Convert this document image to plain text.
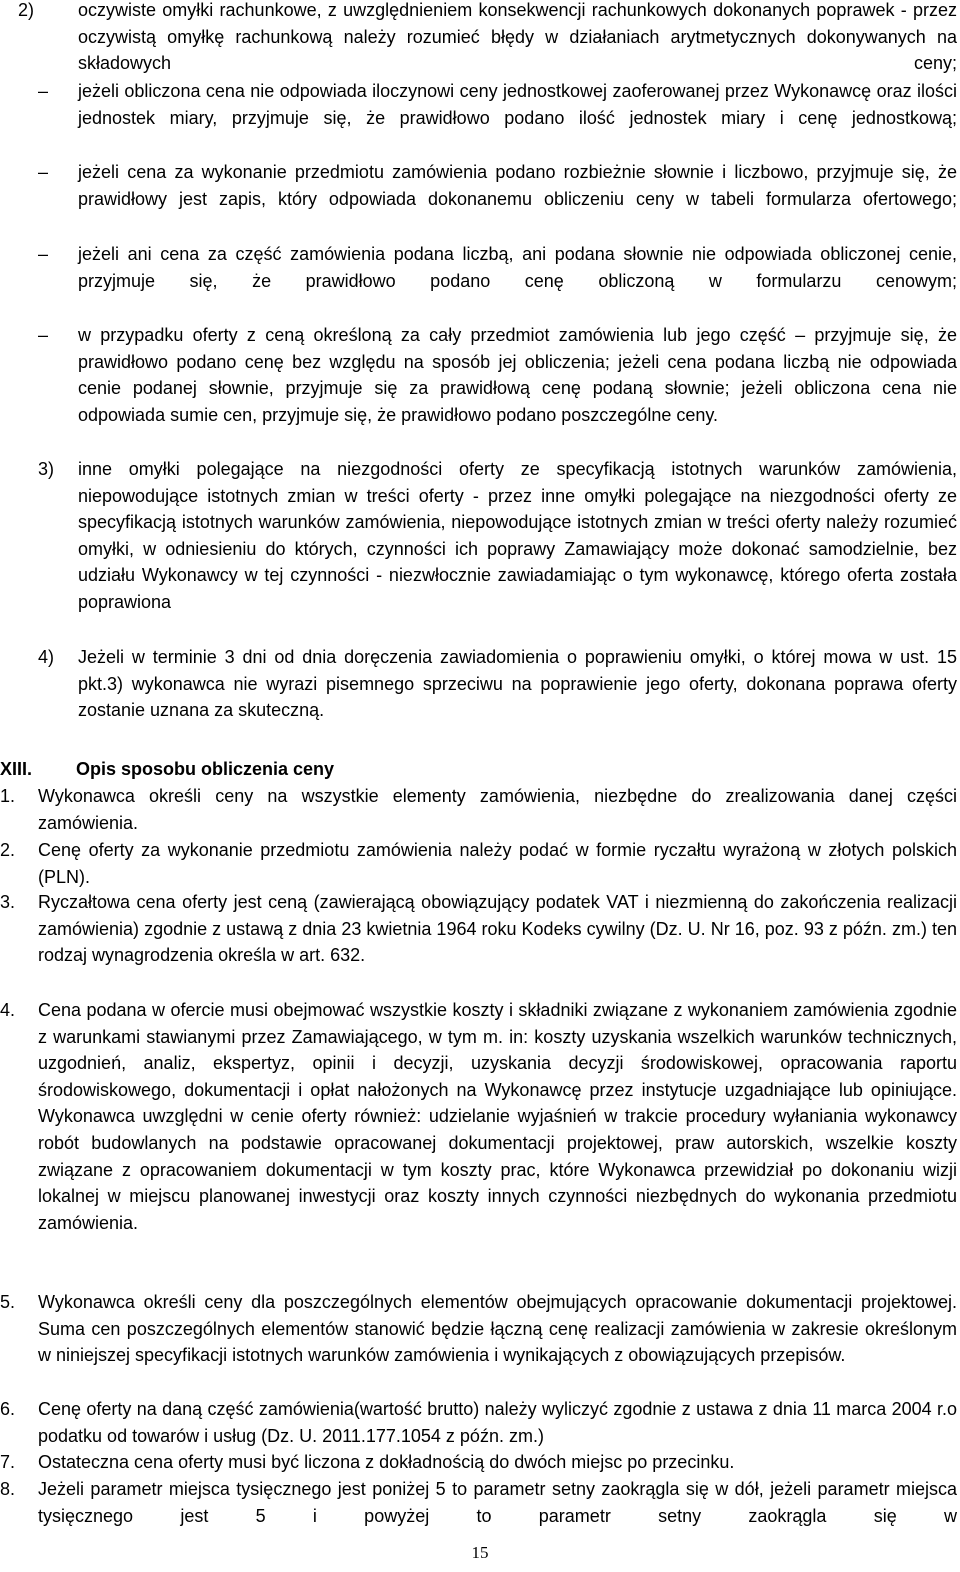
2) oczywiste omyłki rachunkowe, z uwzględnieniem konsekwencji rachunkowych dokonanych poprawek - przez oczywistą omyłkę rachunkową należy rozumieć błędy w działaniach arytmetycznych dokonywanych na składowych ceny;
– jeżeli obliczona cena nie odpowiada iloczynowi ceny jednostkowej zaoferowanej przez Wykonawcę oraz ilości jednostek miary, przyjmuje się, że prawidłowo podano ilość jednostek miary i cenę jednostkową;
– jeżeli cena za wykonanie przedmiotu zamówienia podano rozbieżnie słownie i liczbowo, przyjmuje się, że prawidłowy jest zapis, który odpowiada dokonanemu obliczeniu ceny w tabeli formularza ofertowego;
– jeżeli ani cena za część zamówienia podana liczbą, ani podana słownie nie odpowiada obliczonej cenie, przyjmuje się, że prawidłowo podano cenę obliczoną w formularzu cenowym;
– w przypadku oferty z ceną określoną za cały przedmiot zamówienia lub jego część – przyjmuje się, że prawidłowo podano cenę bez względu na sposób jej obliczenia; jeżeli cena podana liczbą nie odpowiada cenie podanej słownie, przyjmuje się za prawidłową cenę podaną słownie; jeżeli obliczona cena nie odpowiada sumie cen, przyjmuje się, że prawidłowo podano poszczególne ceny.
3) inne omyłki polegające na niezgodności oferty ze specyfikacją istotnych warunków zamówienia, niepowodujące istotnych zmian w treści oferty - przez inne omyłki polegające na niezgodności oferty ze specyfikacją istotnych warunków zamówienia, niepowodujące istotnych zmian w treści oferty należy rozumieć omyłki, w odniesieniu do których, czynności ich poprawy Zamawiający może dokonać samodzielnie, bez udziału Wykonawcy w tej czynności - niezwłocznie zawiadamiając o tym wykonawcę, którego oferta została poprawiona
4) Jeżeli w terminie 3 dni od dnia doręczenia zawiadomienia o poprawieniu omyłki, o której mowa w ust. 15 pkt.3) wykonawca nie wyrazi pisemnego sprzeciwu na poprawienie jego oferty, dokonana poprawa oferty zostanie uznana za skuteczną.
XIII. Opis sposobu obliczenia ceny
1. Wykonawca określi ceny na wszystkie elementy zamówienia, niezbędne do zrealizowania danej części zamówienia.
2. Cenę oferty za wykonanie przedmiotu zamówienia należy podać w formie ryczałtu wyrażoną w złotych polskich (PLN).
3. Ryczałtowa cena oferty jest ceną (zawierającą obowiązujący podatek VAT i niezmienną do zakończenia realizacji zamówienia) zgodnie z ustawą z dnia 23 kwietnia 1964 roku Kodeks cywilny (Dz. U. Nr 16, poz. 93 z późn. zm.) ten rodzaj wynagrodzenia określa w art. 632.
4. Cena podana w ofercie musi obejmować wszystkie koszty i składniki związane z wykonaniem zamówienia zgodnie z warunkami stawianymi przez Zamawiającego, w tym m. in: koszty uzyskania wszelkich warunków technicznych, uzgodnień, analiz, ekspertyz, opinii i decyzji, uzyskania decyzji środowiskowej, opracowania raportu środowiskowego, dokumentacji i opłat nałożonych na Wykonawcę przez instytucje uzgadniające lub opiniujące. Wykonawca uwzględni w cenie oferty również: udzielanie wyjaśnień w trakcie procedury wyłaniania wykonawcy robót budowlanych na podstawie opracowanej dokumentacji projektowej, praw autorskich, wszelkie koszty związane z opracowaniem dokumentacji w tym koszty prac, które Wykonawca przewidział po dokonaniu wizji lokalnej w miejscu planowanej inwestycji oraz koszty innych czynności niezbędnych do wykonania przedmiotu zamówienia.
5. Wykonawca określi ceny dla poszczególnych elementów obejmujących opracowanie dokumentacji projektowej. Suma cen poszczególnych elementów stanowić będzie łączną cenę realizacji zamówienia w zakresie określonym w niniejszej specyfikacji istotnych warunków zamówienia i wynikających z obowiązujących przepisów.
6. Cenę oferty na daną część zamówienia(wartość brutto) należy wyliczyć zgodnie z ustawa z dnia 11 marca 2004 r.o podatku od towarów i usług (Dz. U. 2011.177.1054 z późn. zm.)
7. Ostateczna cena oferty musi być liczona z dokładnością do dwóch miejsc po przecinku.
8. Jeżeli parametr miejsca tysięcznego jest poniżej 5 to parametr setny zaokrągla się w dół, jeżeli parametr miejsca tysięcznego jest 5 i powyżej to parametr setny zaokrągla się w
15
